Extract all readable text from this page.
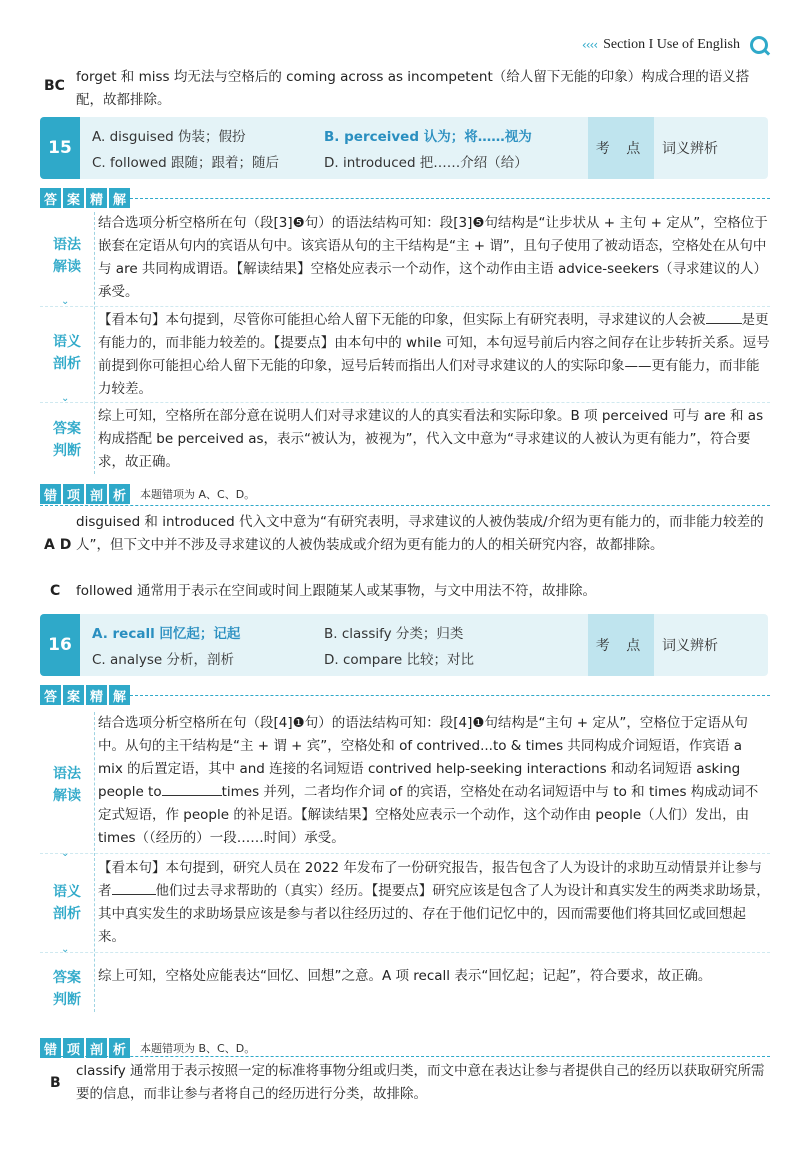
‹‹‹‹ Section I Use of English
BC
forget 和 miss 均无法与空格后的 coming across as incompetent（给人留下无能的印象）构成合理的语义搭配，故都排除。
15
A. disguised 伪装；假扮	B. perceived 认为；将……视为
C. followed 跟随；跟着；随后	D. introduced 把……介绍（给）
考 点	词义辨析
答 案 精 解
语法
解读
⌄
结合选项分析空格所在句（段[3]❺句）的语法结构可知：段[3]❺句结构是“让步状从 + 主句 + 定从”，空格位于嵌套在定语从句内的宾语从句中。该宾语从句的主干结构是“主 + 谓”，且句子使用了被动语态，空格处在从句中与 are 共同构成谓语。【解读结果】空格处应表示一个动作，这个动作由主语 advice-seekers（寻求建议的人）承受。
语义
剖析
⌄
【看本句】本句提到，尽管你可能担心给人留下无能的印象，但实际上有研究表明，寻求建议的人会被	是更有能力的，而非能力较差的。【提要点】由本句中的 while 可知，本句逗号前后内容之间存在让步转折关系。逗号前提到你可能担心给人留下无能的印象，逗号后转而指出人们对寻求建议的人的实际印象——更有能力，而非能力较差。
答案
判断
综上可知，空格所在部分意在说明人们对寻求建议的人的真实看法和实际印象。B 项 perceived 可与 are 和 as 构成搭配 be perceived as，表示“被认为，被视为”，代入文中意为“寻求建议的人被认为更有能力”，符合要求，故正确。
错 项 剖 析	本题错项为 A、C、D。
A D
disguised 和 introduced 代入文中意为“有研究表明，寻求建议的人被伪装成/介绍为更有能力的，而非能力较差的人”，但下文中并不涉及寻求建议的人被伪装成或介绍为更有能力的人的相关研究内容，故都排除。
C followed 通常用于表示在空间或时间上跟随某人或某事物，与文中用法不符，故排除。
16
A. recall 回忆起；记起	B. classify 分类；归类
C. analyse 分析，剖析	D. compare 比较；对比
考 点	词义辨析
答 案 精 解
语法
解读
⌄
结合选项分析空格所在句（段[4]❶句）的语法结构可知：段[4]❶句结构是“主句 + 定从”，空格位于定语从句中。从句的主干结构是“主 + 谓 + 宾”，空格处和 of contrived...to & times 共同构成介词短语，作宾语 a mix 的后置定语，其中 and 连接的名词短语 contrived help-seeking interactions 和动名词短语 asking people to	times 并列，二者均作介词 of 的宾语，空格处在动名词短语中与 to 和 times 构成动词不定式短语，作 people 的补足语。【解读结果】空格处应表示一个动作，这个动作由 people（人们）发出，由 times（（经历的）一段……时间）承受。
语义
剖析
⌄
【看本句】本句提到，研究人员在 2022 年发布了一份研究报告，报告包含了人为设计的求助互动情景并让参与者	他们过去寻求帮助的（真实）经历。【提要点】研究应该是包含了人为设计和真实发生的两类求助场景，其中真实发生的求助场景应该是参与者以往经历过的、存在于他们记忆中的，因而需要他们将其回忆或回想起来。
答案
判断
综上可知，空格处应能表达“回忆、回想”之意。A 项 recall 表示“回忆起；记起”，符合要求，故正确。
错 项 剖 析	本题错项为 B、C、D。
B
classify 通常用于表示按照一定的标准将事物分组或归类，而文中意在表达让参与者提供自己的经历以获取研究所需要的信息，而非让参与者将自己的经历进行分类，故排除。
